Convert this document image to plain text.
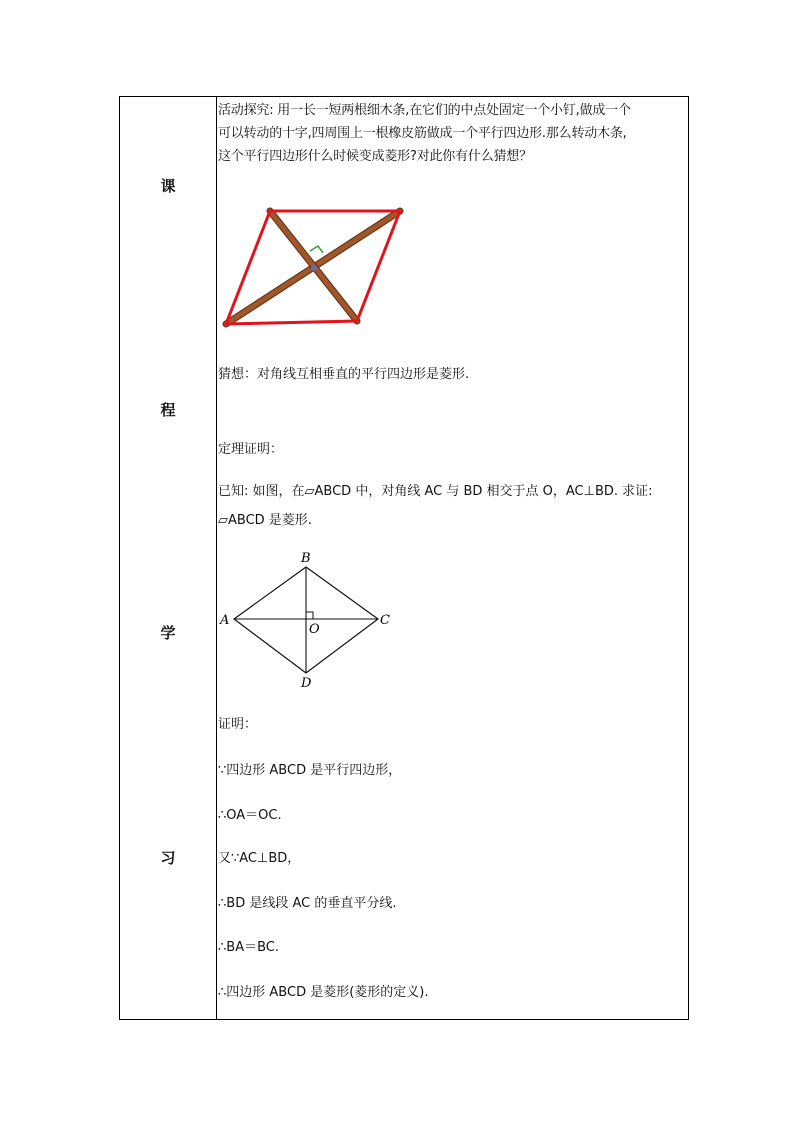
课
程
学
习
活动探究: 用一长一短两根细木条,在它们的中点处固定一个小钉,做成一个
可以转动的十字,四周围上一根橡皮筋做成一个平行四边形.那么转动木条,
这个平行四边形什么时候变成菱形?对此你有什么猜想？
猜想：对角线互相垂直的平行四边形是菱形.
定理证明：
已知: 如图，在▱ABCD 中，对角线 AC 与 BD 相交于点 O，AC⊥BD. 求证:
▱ABCD 是菱形.
A
B
C
D
O
证明：
∵四边形 ABCD 是平行四边形，
∴OA＝OC.
又∵AC⊥BD，
∴BD 是线段 AC 的垂直平分线.
∴BA＝BC.
∴四边形 ABCD 是菱形(菱形的定义).
